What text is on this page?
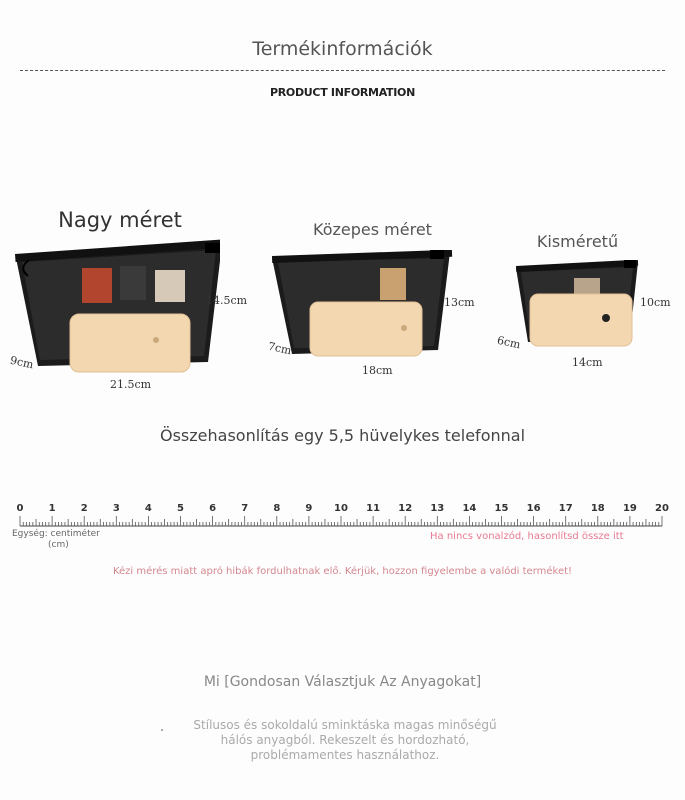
Termékinformációk
PRODUCT INFORMATION
Nagy méret
14.5cm
21.5cm
9cm
Közepes méret
13cm
18cm
7cm
Kisméretű
10cm
14cm
6cm
Összehasonlítás egy 5,5 hüvelykes telefonnal
0	1	2	3	4	5	6	7	8	9 10 11 12 13 14 15 16 17 18 19 20
Egység: centiméter
(cm)
Ha nincs vonalzód, hasonlítsd össze itt
Kézi mérés miatt apró hibák fordulhatnak elő. Kérjük, hozzon figyelembe a valódi terméket!
Mi [Gondosan Választjuk Az Anyagokat]
Stílusos és sokoldalú sminktáska magas minőségű
hálós anyagból. Rekeszelt és hordozható,
problémamentes használathoz.
